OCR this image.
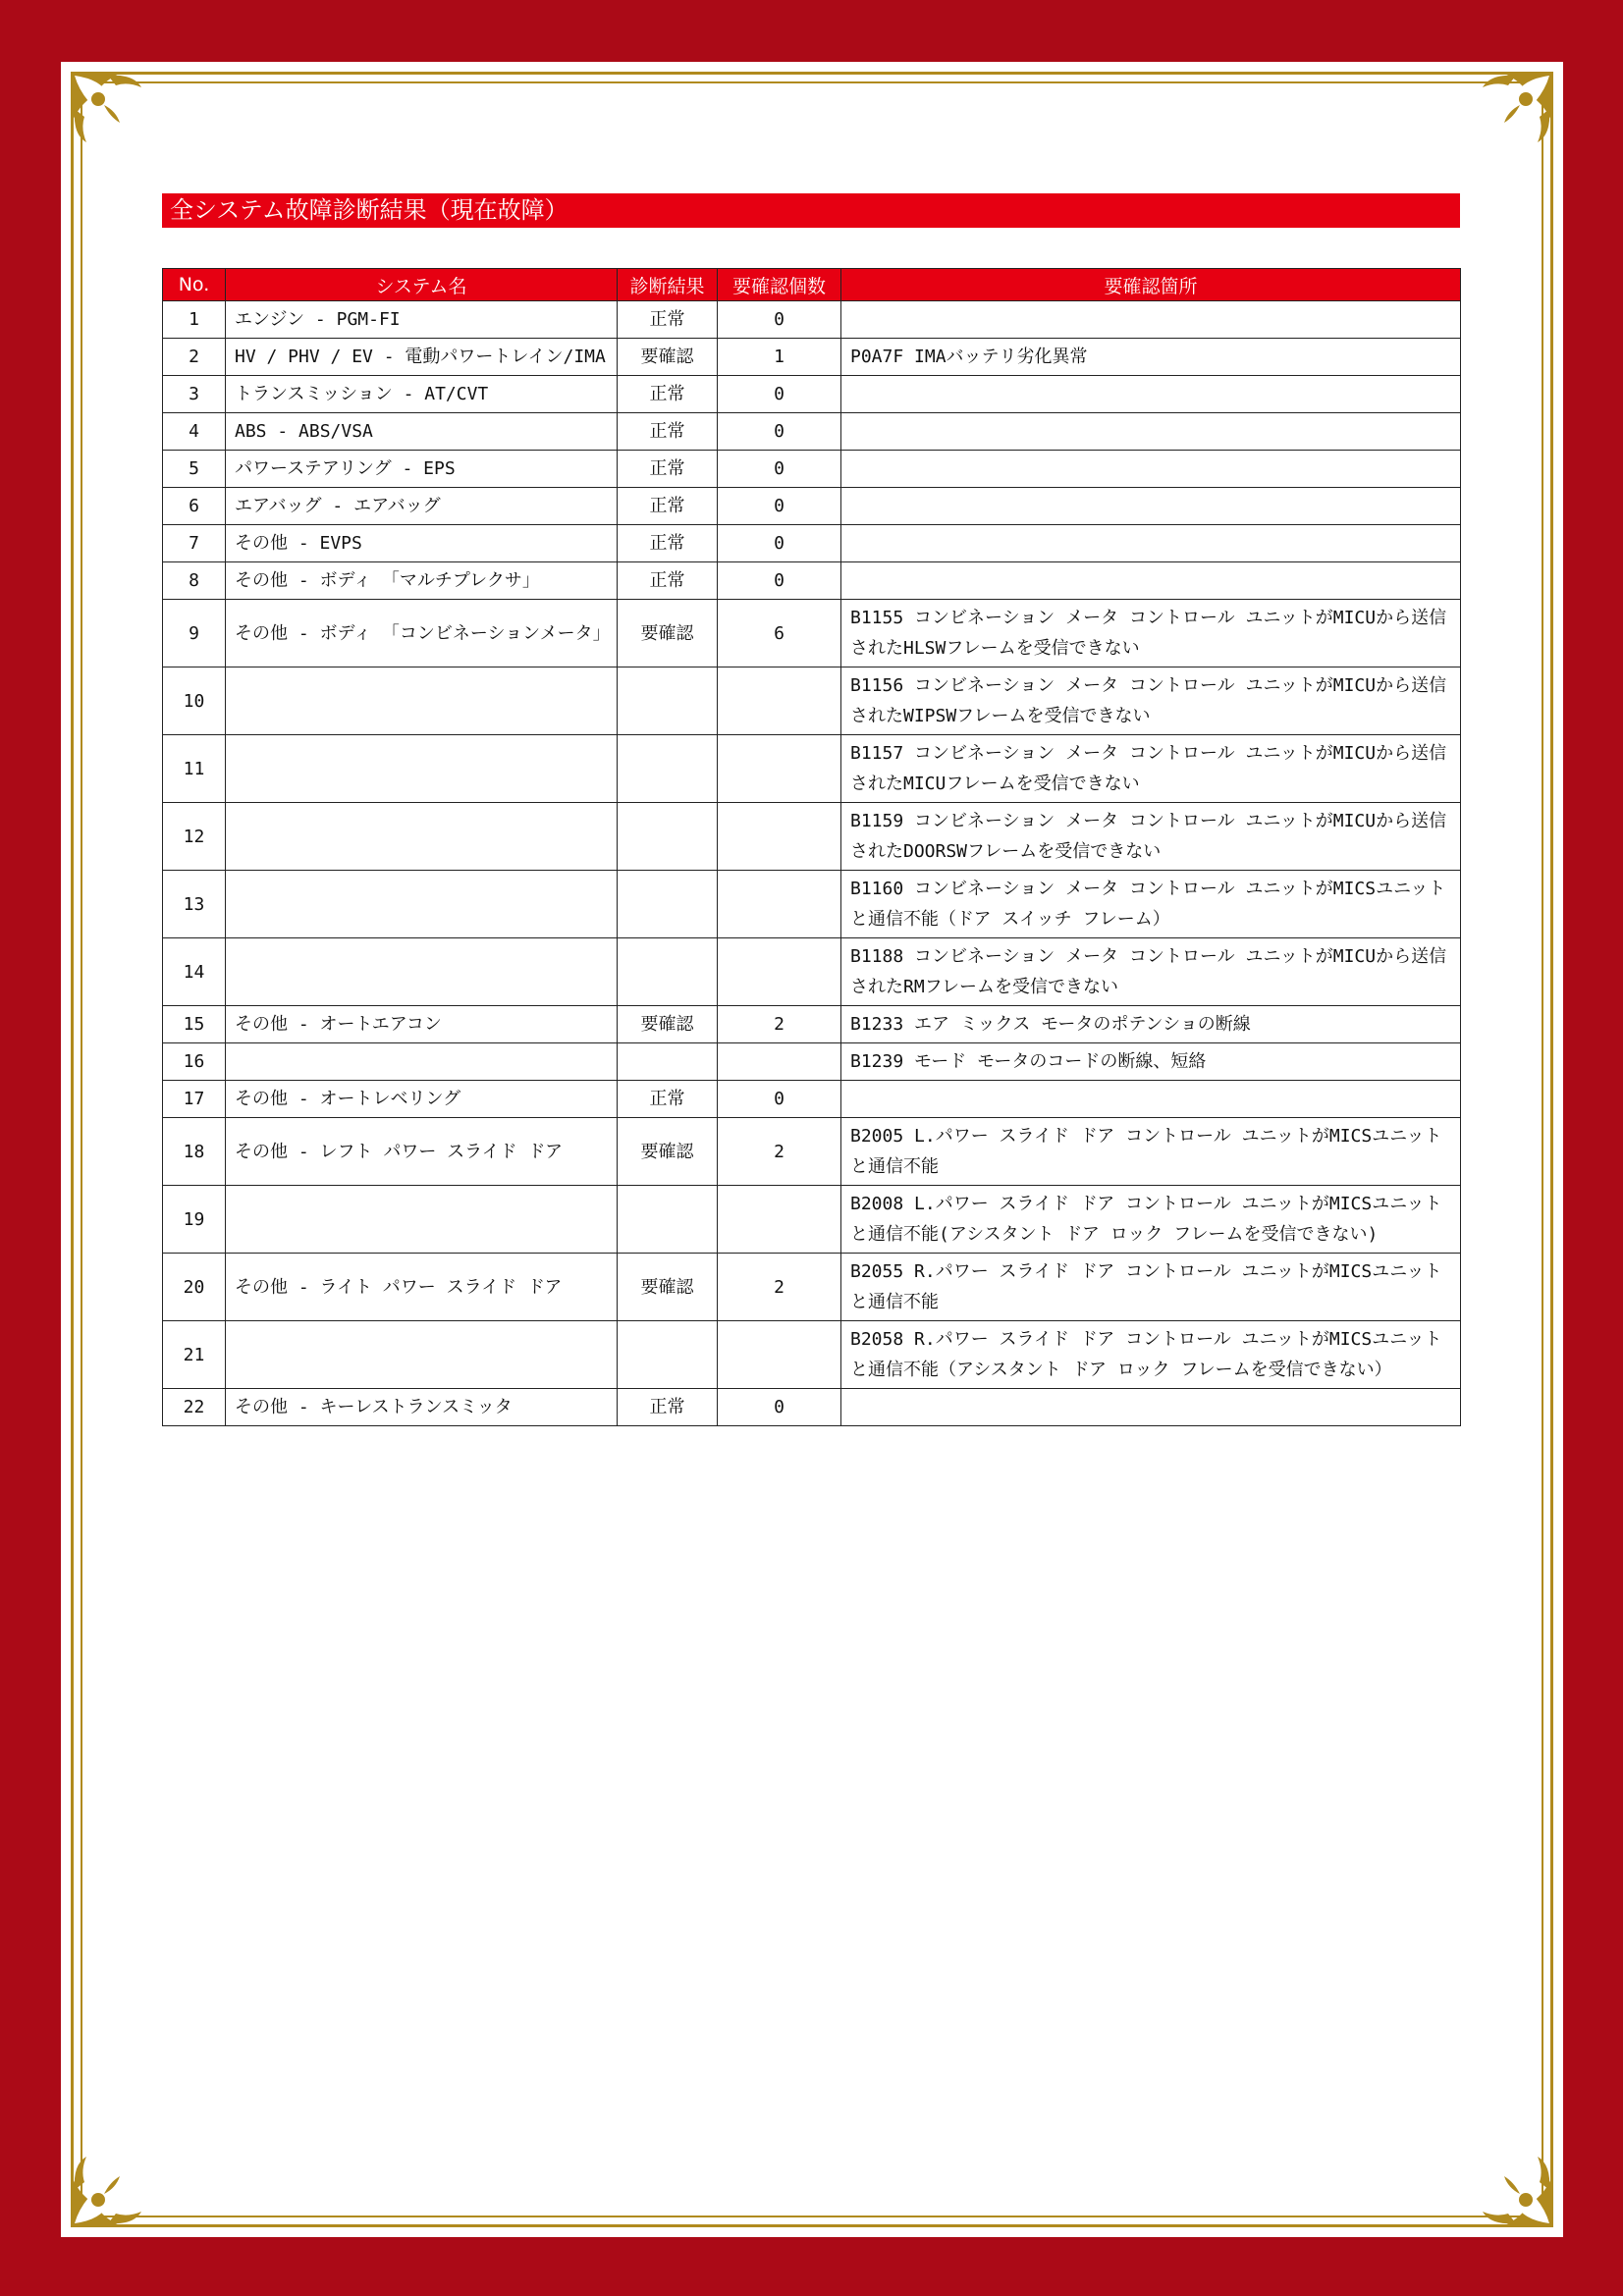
全システム故障診断結果（現在故障）
No.	システム名	診断結果	要確認個数	要確認箇所
1	エンジン - PGM-FI	正常	0	
2	HV / PHV / EV - 電動パワートレイン/IMA	要確認	1	P0A7F IMAバッテリ劣化異常
3	トランスミッション - AT/CVT	正常	0	
4	ABS - ABS/VSA	正常	0	
5	パワーステアリング - EPS	正常	0	
6	エアバッグ - エアバッグ	正常	0	
7	その他 - EVPS	正常	0	
8	その他 - ボディ 「マルチプレクサ」	正常	0	
9	その他 - ボディ 「コンビネーションメータ」	要確認	6	B1155 コンビネーション メータ コントロール ユニットがMICUから送信されたHLSWフレームを受信できない
10				B1156 コンビネーション メータ コントロール ユニットがMICUから送信されたWIPSWフレームを受信できない
11				B1157 コンビネーション メータ コントロール ユニットがMICUから送信されたMICUフレームを受信できない
12				B1159 コンビネーション メータ コントロール ユニットがMICUから送信されたDOORSWフレームを受信できない
13				B1160 コンビネーション メータ コントロール ユニットがMICSユニットと通信不能（ドア スイッチ フレーム）
14				B1188 コンビネーション メータ コントロール ユニットがMICUから送信されたRMフレームを受信できない
15	その他 - オートエアコン	要確認	2	B1233 エア ミックス モータのポテンショの断線
16				B1239 モード モータのコードの断線、短絡
17	その他 - オートレベリング	正常	0	
18	その他 - レフト パワー スライド ドア	要確認	2	B2005 L.パワー スライド ドア コントロール ユニットがMICSユニットと通信不能
19				B2008 L.パワー スライド ドア コントロール ユニットがMICSユニットと通信不能(アシスタント ドア ロック フレームを受信できない)
20	その他 - ライト パワー スライド ドア	要確認	2	B2055 R.パワー スライド ドア コントロール ユニットがMICSユニットと通信不能
21				B2058 R.パワー スライド ドア コントロール ユニットがMICSユニットと通信不能（アシスタント ドア ロック フレームを受信できない）
22	その他 - キーレストランスミッタ	正常	0	
